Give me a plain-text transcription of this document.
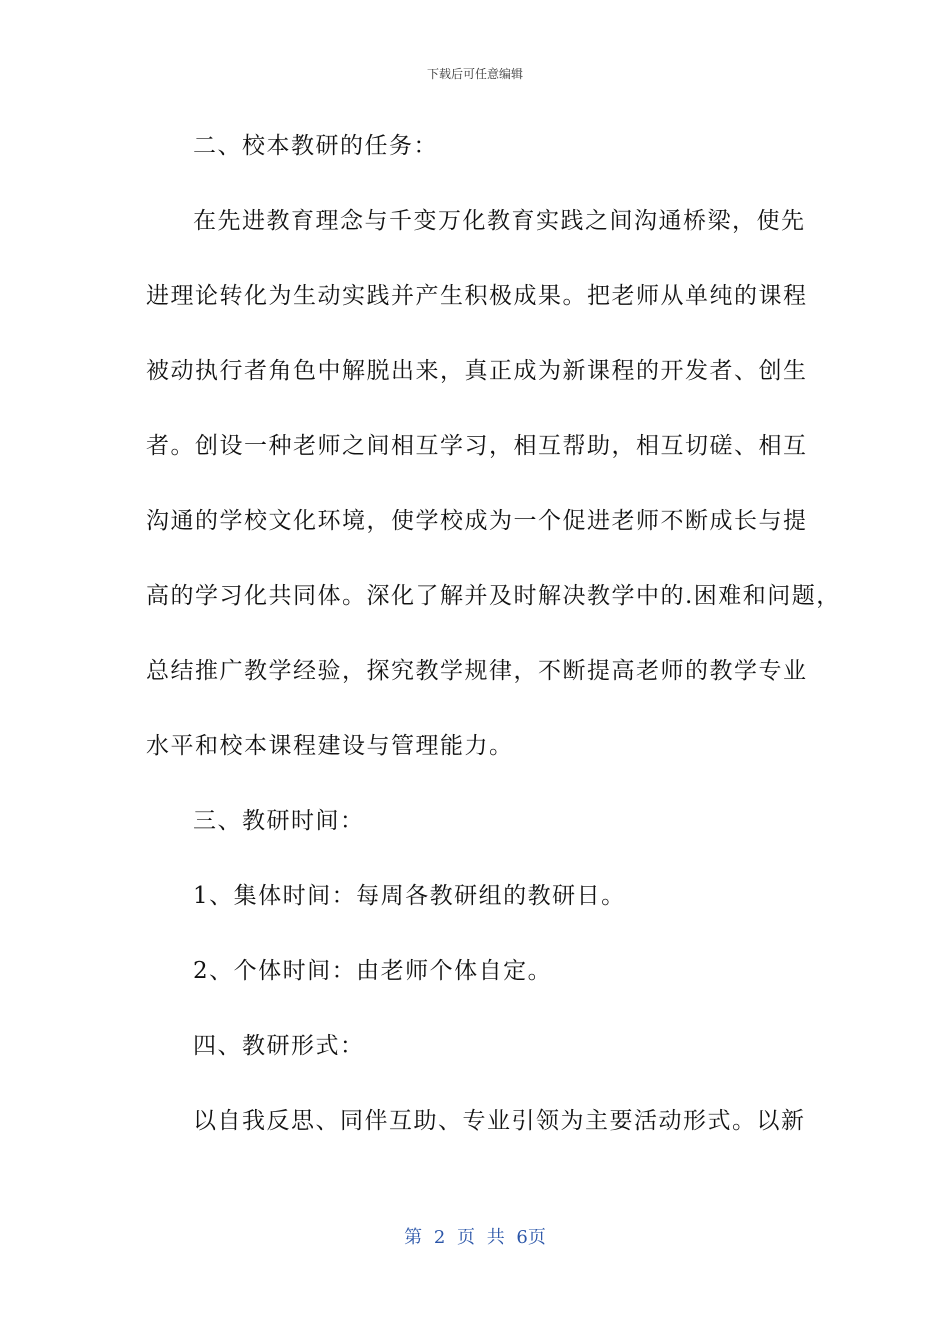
下载后可任意编辑
二、校本教研的任务：
在先进教育理念与千变万化教育实践之间沟通桥梁，使先
进理论转化为生动实践并产生积极成果。把老师从单纯的课程
被动执行者角色中解脱出来，真正成为新课程的开发者、创生
者。创设一种老师之间相互学习，相互帮助，相互切磋、相互
沟通的学校文化环境，使学校成为一个促进老师不断成长与提
高的学习化共同体。深化了解并及时解决教学中的.困难和问题，
总结推广教学经验，探究教学规律，不断提高老师的教学专业
水平和校本课程建设与管理能力。
三、教研时间：
1、集体时间：每周各教研组的教研日。
2、个体时间：由老师个体自定。
四、教研形式：
以自我反思、同伴互助、专业引领为主要活动形式。以新
第 2 页 共 6页
